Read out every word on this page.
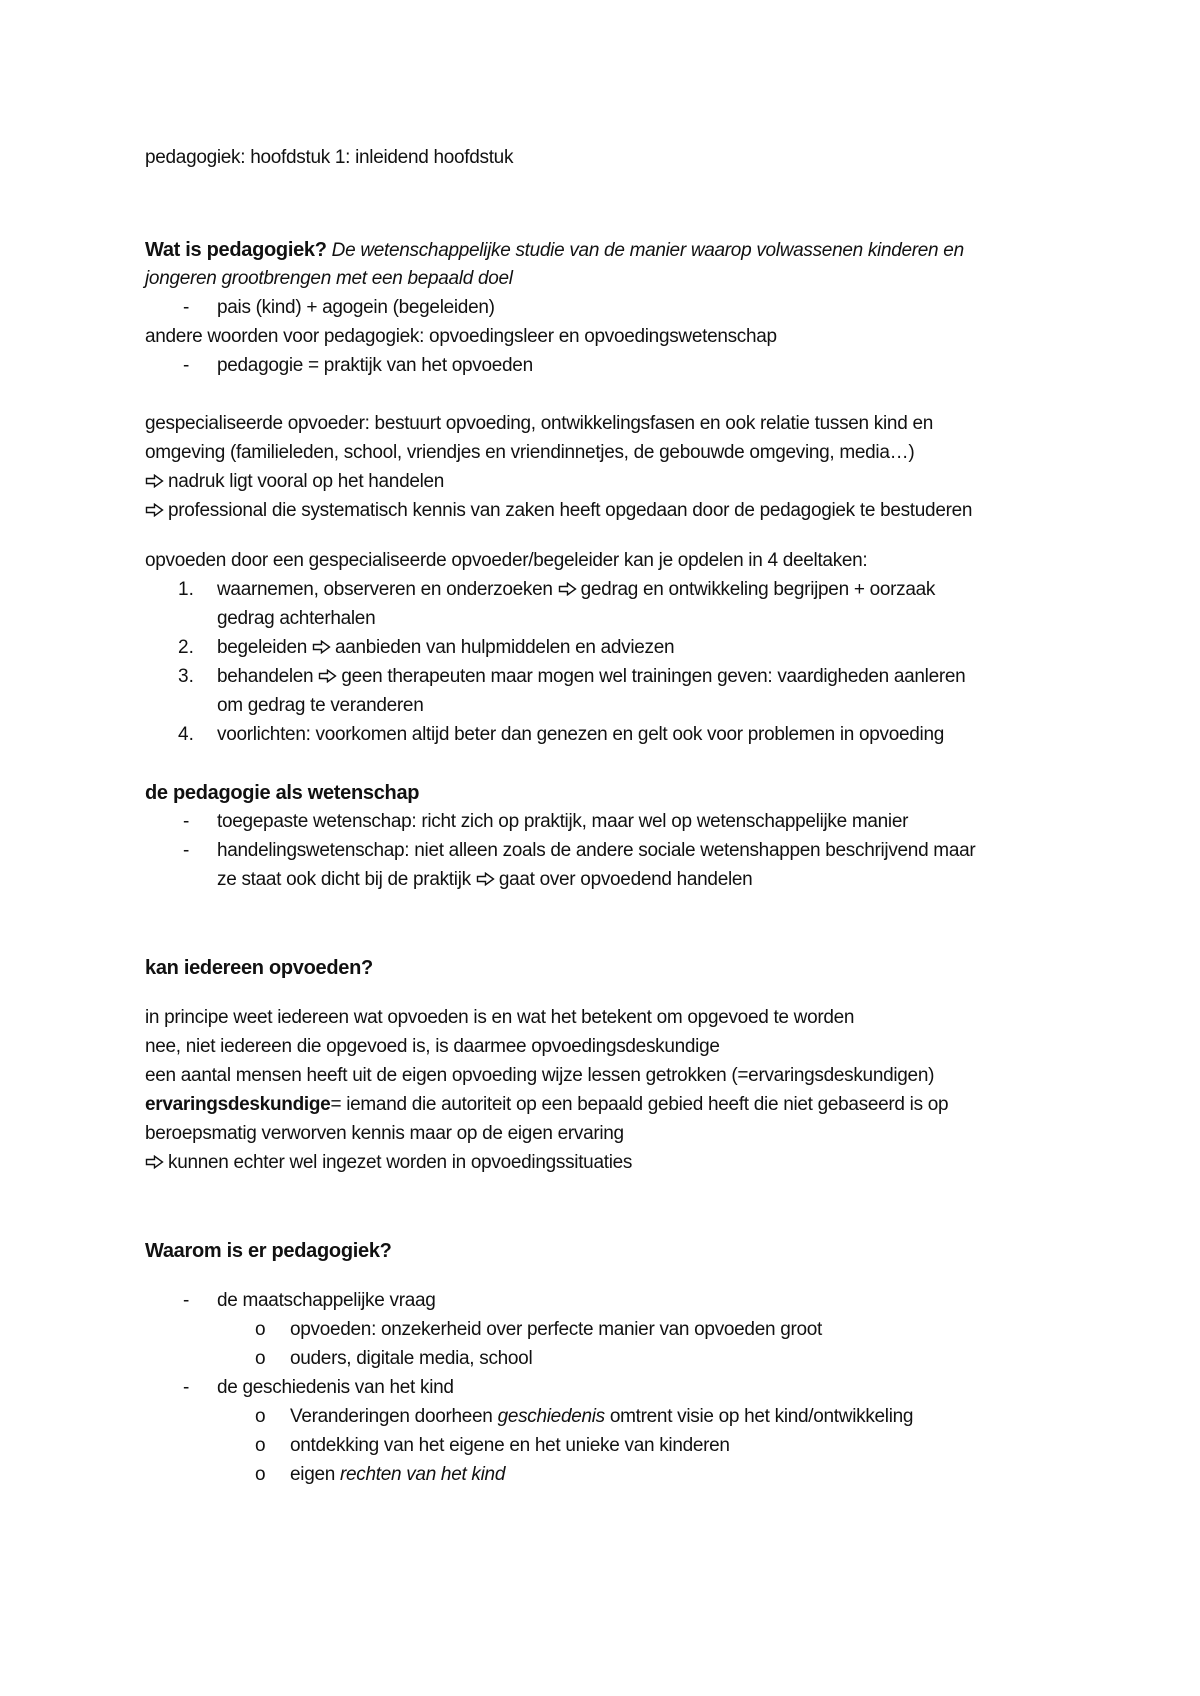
pedagogiek: hoofdstuk 1: inleidend hoofdstuk
Wat is pedagogiek? De wetenschappelijke studie van de manier waarop volwassenen kinderen en
jongeren grootbrengen met een bepaald doel
- pais (kind) + agogein (begeleiden)
andere woorden voor pedagogiek: opvoedingsleer en opvoedingswetenschap
- pedagogie = praktijk van het opvoeden
gespecialiseerde opvoeder: bestuurt opvoeding, ontwikkelingsfasen en ook relatie tussen kind en
omgeving (familieleden, school, vriendjes en vriendinnetjes, de gebouwde omgeving, media…)
nadruk ligt vooral op het handelen
professional die systematisch kennis van zaken heeft opgedaan door de pedagogiek te bestuderen
opvoeden door een gespecialiseerde opvoeder/begeleider kan je opdelen in 4 deeltaken:
1. waarnemen, observeren en onderzoeken gedrag en ontwikkeling begrijpen + oorzaak
gedrag achterhalen
2. begeleiden aanbieden van hulpmiddelen en adviezen
3. behandelen geen therapeuten maar mogen wel trainingen geven: vaardigheden aanleren
om gedrag te veranderen
4. voorlichten: voorkomen altijd beter dan genezen en gelt ook voor problemen in opvoeding
de pedagogie als wetenschap
- toegepaste wetenschap: richt zich op praktijk, maar wel op wetenschappelijke manier
- handelingswetenschap: niet alleen zoals de andere sociale wetenshappen beschrijvend maar
ze staat ook dicht bij de praktijk gaat over opvoedend handelen
kan iedereen opvoeden?
in principe weet iedereen wat opvoeden is en wat het betekent om opgevoed te worden
nee, niet iedereen die opgevoed is, is daarmee opvoedingsdeskundige
een aantal mensen heeft uit de eigen opvoeding wijze lessen getrokken (=ervaringsdeskundigen)
ervaringsdeskundige= iemand die autoriteit op een bepaald gebied heeft die niet gebaseerd is op
beroepsmatig verworven kennis maar op de eigen ervaring
kunnen echter wel ingezet worden in opvoedingssituaties
Waarom is er pedagogiek?
- de maatschappelijke vraag
o opvoeden: onzekerheid over perfecte manier van opvoeden groot
o ouders, digitale media, school
- de geschiedenis van het kind
o Veranderingen doorheen geschiedenis omtrent visie op het kind/ontwikkeling
o ontdekking van het eigene en het unieke van kinderen
o eigen rechten van het kind
